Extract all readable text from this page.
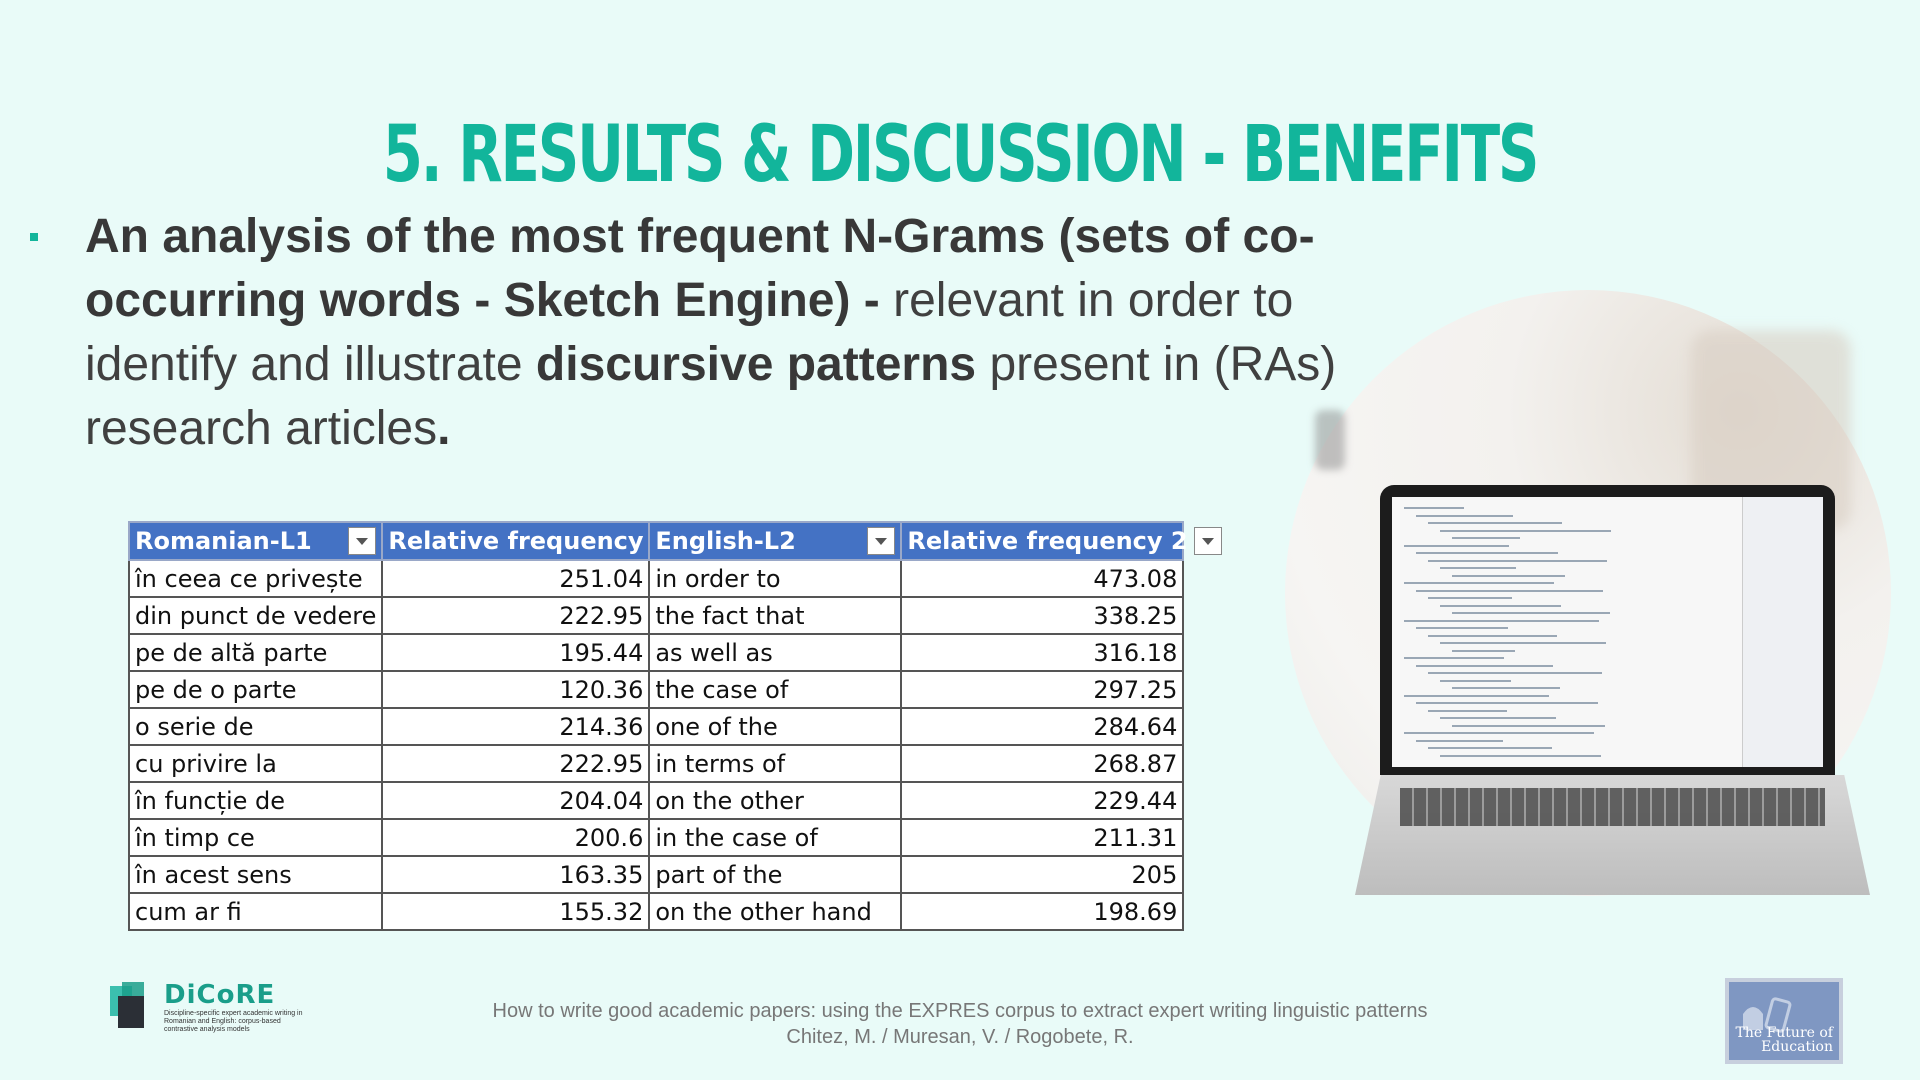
5. RESULTS & DISCUSSION - BENEFITS
An analysis of the most frequent N-Grams (sets of co-occurring words - Sketch Engine) - relevant in order to identify and illustrate discursive patterns present in (RAs) research articles.
Romanian-L1	Relative frequency	English-L2	Relative frequency 2

în ceea ce privește	251.04	in order to	473.08
din punct de vedere	222.95	the fact that	338.25
pe de altă parte	195.44	as well as	316.18
pe de o parte	120.36	the case of	297.25
o serie de	214.36	one of the	284.64
cu privire la	222.95	in terms of	268.87
în funcție de	204.04	on the other	229.44
în timp ce	200.6	in the case of	211.31
în acest sens	163.35	part of the	205
cum ar fi	155.32	on the other hand	198.69
DiCoRE
Discipline-specific expert academic writing in Romanian and English: corpus-based contrastive analysis models
How to write good academic papers: using the EXPRES corpus to extract expert writing linguistic patterns
Chitez, M. / Muresan, V. / Rogobete, R.	The Future of Education
